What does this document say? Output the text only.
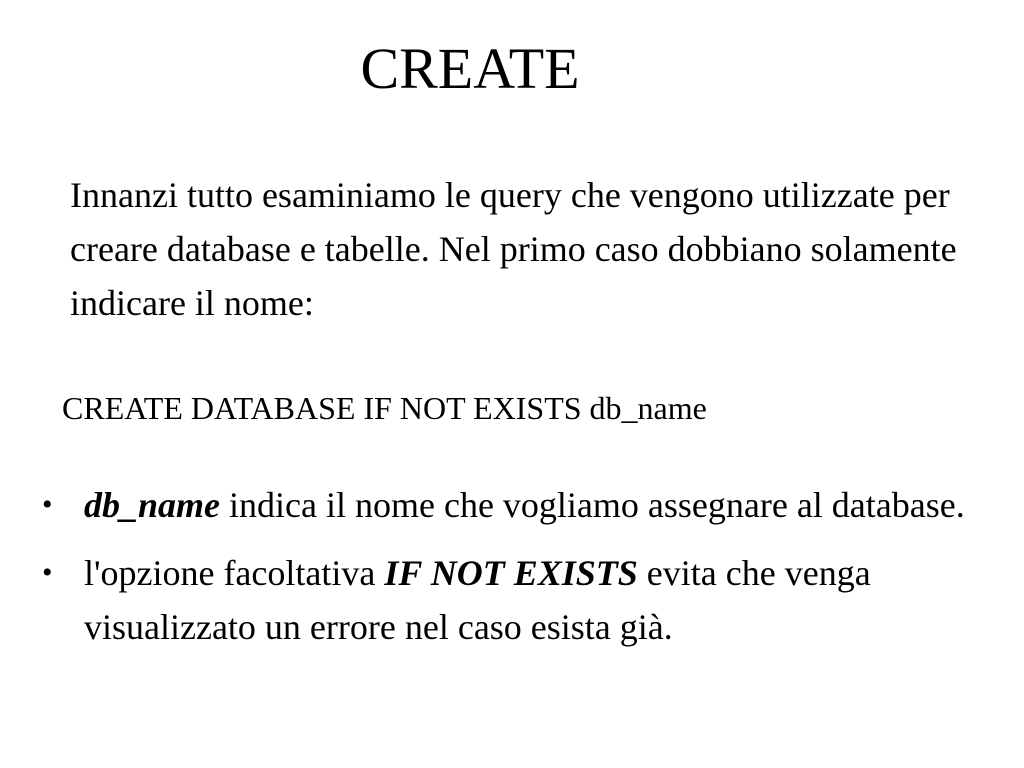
CREATE

Innanzi tutto esaminiamo le query che vengono utilizzate per creare database e tabelle. Nel primo caso dobbiano solamente indicare il nome:

CREATE DATABASE IF NOT EXISTS db_name

• db_name indica il nome che vogliamo assegnare al database.
• l'opzione facoltativa IF NOT EXISTS evita che venga visualizzato un errore nel caso esista già.
